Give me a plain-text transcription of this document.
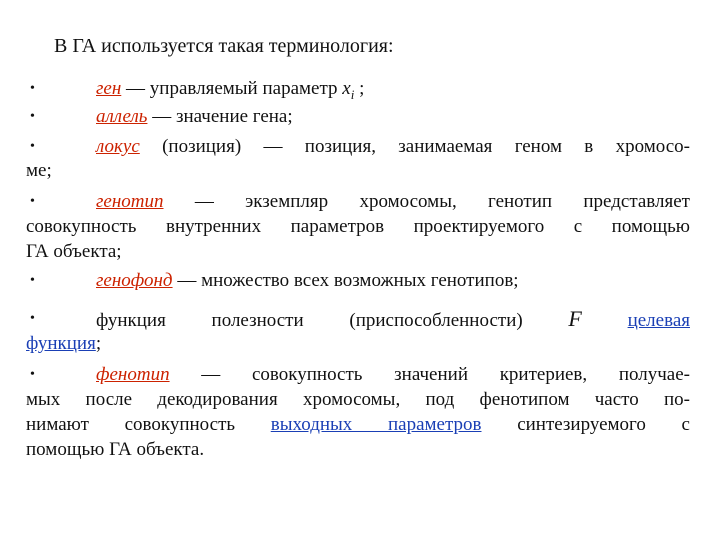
В ГА используется такая терминология:
•	ген — управляемый параметр $x_i$ ;
•	аллель — значение гена;
•	локус (позиция) — позиция, занимаемая геном в хромосо-
ме;
•	генотип — экземпляр хромосомы, генотип представляет
совокупность внутренних параметров проектируемого с помощью
ГА объекта;
•	генофонд — множество всех возможных генотипов;
•	функция полезности (приспособленности) F целевая
функция;
•	фенотип — совокупность значений критериев, получае-
мых после декодирования хромосомы, под фенотипом часто по-
нимают совокупность выходных параметров синтезируемого с
помощью ГА объекта.
